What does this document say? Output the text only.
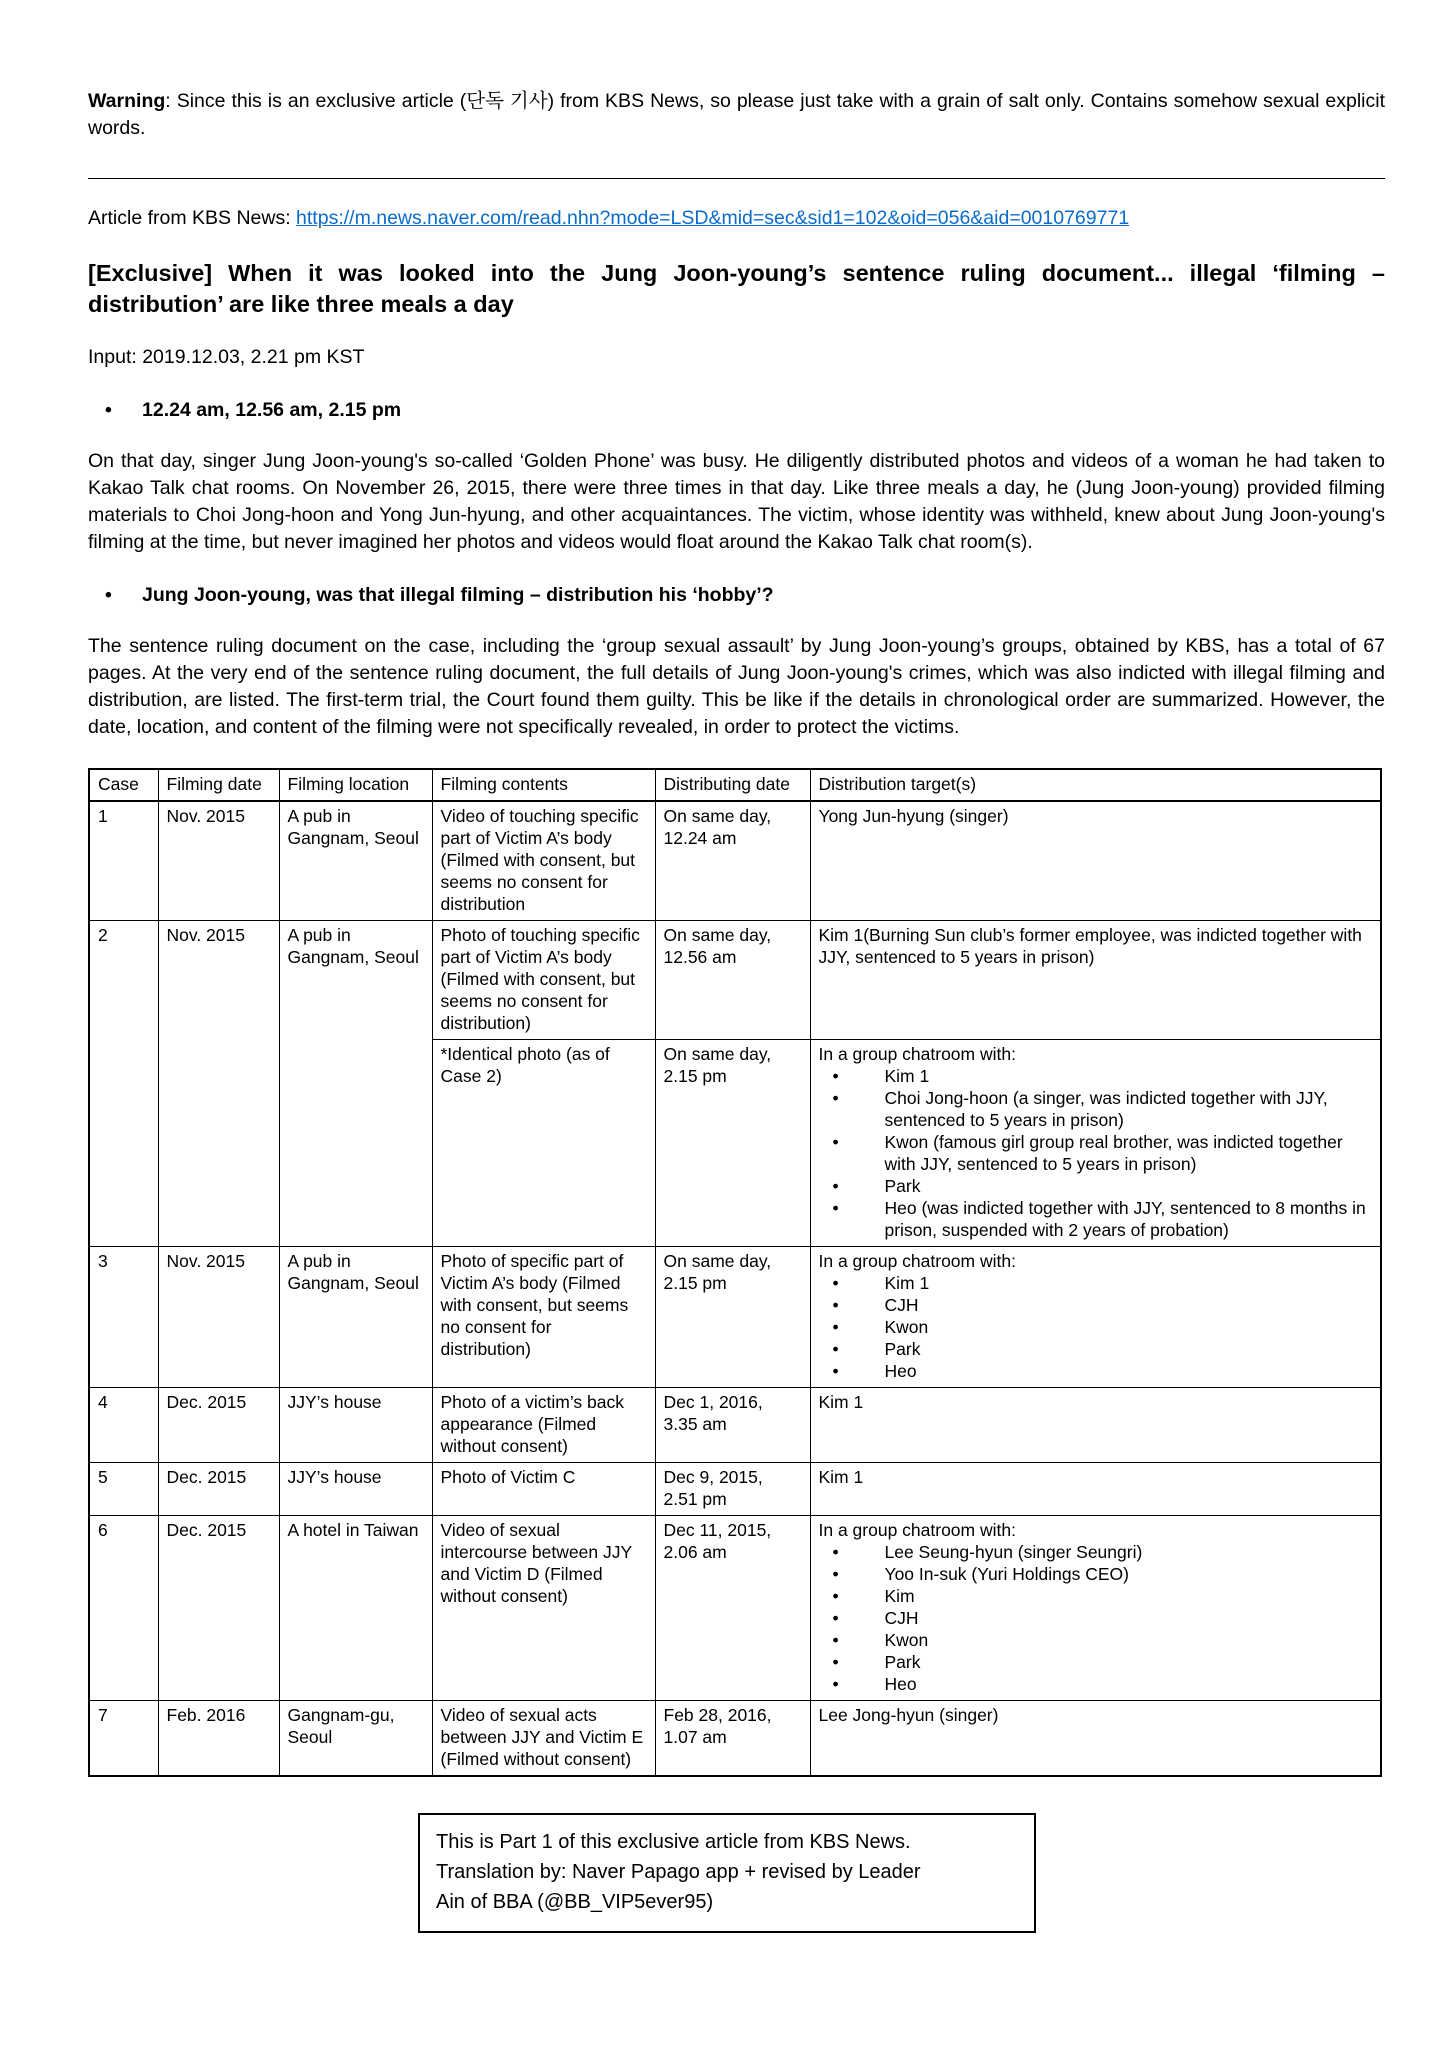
Warning: Since this is an exclusive article (단독 기사) from KBS News, so please just take with a grain of salt only. Contains somehow sexual explicit words.

Article from KBS News: https://m.news.naver.com/read.nhn?mode=LSD&mid=sec&sid1=102&oid=056&aid=0010769771
[Exclusive] When it was looked into the Jung Joon-young’s sentence ruling document... illegal ‘filming – distribution’ are like three meals a day
Input: 2019.12.03, 2.21 pm KST
• 12.24 am, 12.56 am, 2.15 pm

On that day, singer Jung Joon-young's so-called ‘Golden Phone’ was busy. He diligently distributed photos and videos of a woman he had taken to Kakao Talk chat rooms. On November 26, 2015, there were three times in that day. Like three meals a day, he (Jung Joon-young) provided filming materials to Choi Jong-hoon and Yong Jun-hyung, and other acquaintances. The victim, whose identity was withheld, knew about Jung Joon-young's filming at the time, but never imagined her photos and videos would float around the Kakao Talk chat room(s).

• Jung Joon-young, was that illegal filming – distribution his ‘hobby’?

The sentence ruling document on the case, including the ‘group sexual assault’ by Jung Joon-young’s groups, obtained by KBS, has a total of 67 pages. At the very end of the sentence ruling document, the full details of Jung Joon-young's crimes, which was also indicted with illegal filming and distribution, are listed. The first-term trial, the Court found them guilty. This be like if the details in chronological order are summarized. However, the date, location, and content of the filming were not specifically revealed, in order to protect the victims.

Case	Filming date	Filming location	Filming contents	Distributing date	Distribution target(s)
1	Nov. 2015	A pub in Gangnam, Seoul	Video of touching specific part of Victim A’s body (Filmed with consent, but seems no consent for distribution	On same day, 12.24 am	Yong Jun-hyung (singer)
2	Nov. 2015	A pub in Gangnam, Seoul	Photo of touching specific part of Victim A’s body (Filmed with consent, but seems no consent for distribution)	On same day, 12.56 am	Kim 1(Burning Sun club’s former employee, was indicted together with JJY, sentenced to 5 years in prison)
*Identical photo (as of Case 2)	On same day, 2.15 pm	
In a group chatroom with:
• Kim 1
• Choi Jong-hoon (a singer, was indicted together with JJY, sentenced to 5 years in prison)
• Kwon (famous girl group real brother, was indicted together with JJY, sentenced to 5 years in prison)
• Park
• Heo (was indicted together with JJY, sentenced to 8 months in prison, suspended with 2 years of probation)

3	Nov. 2015	A pub in Gangnam, Seoul	Photo of specific part of Victim A’s body (Filmed with consent, but seems no consent for distribution)	On same day, 2.15 pm	
In a group chatroom with:
• Kim 1
• CJH
• Kwon
• Park
• Heo

4	Dec. 2015	JJY’s house	Photo of a victim’s back appearance (Filmed without consent)	Dec 1, 2016, 3.35 am	Kim 1
5	Dec. 2015	JJY’s house	Photo of Victim C	Dec 9, 2015, 2.51 pm	Kim 1
6	Dec. 2015	A hotel in Taiwan	Video of sexual intercourse between JJY and Victim D (Filmed without consent)	Dec 11, 2015, 2.06 am	
In a group chatroom with:
• Lee Seung-hyun (singer Seungri)
• Yoo In-suk (Yuri Holdings CEO)
• Kim
• CJH
• Kwon
• Park
• Heo

7	Feb. 2016	Gangnam-gu, Seoul	Video of sexual acts between JJY and Victim E (Filmed without consent)	Feb 28, 2016, 1.07 am	Lee Jong-hyun (singer)
This is Part 1 of this exclusive article from KBS News.
Translation by: Naver Papago app + revised by Leader
Ain of BBA (@BB_VIP5ever95)
